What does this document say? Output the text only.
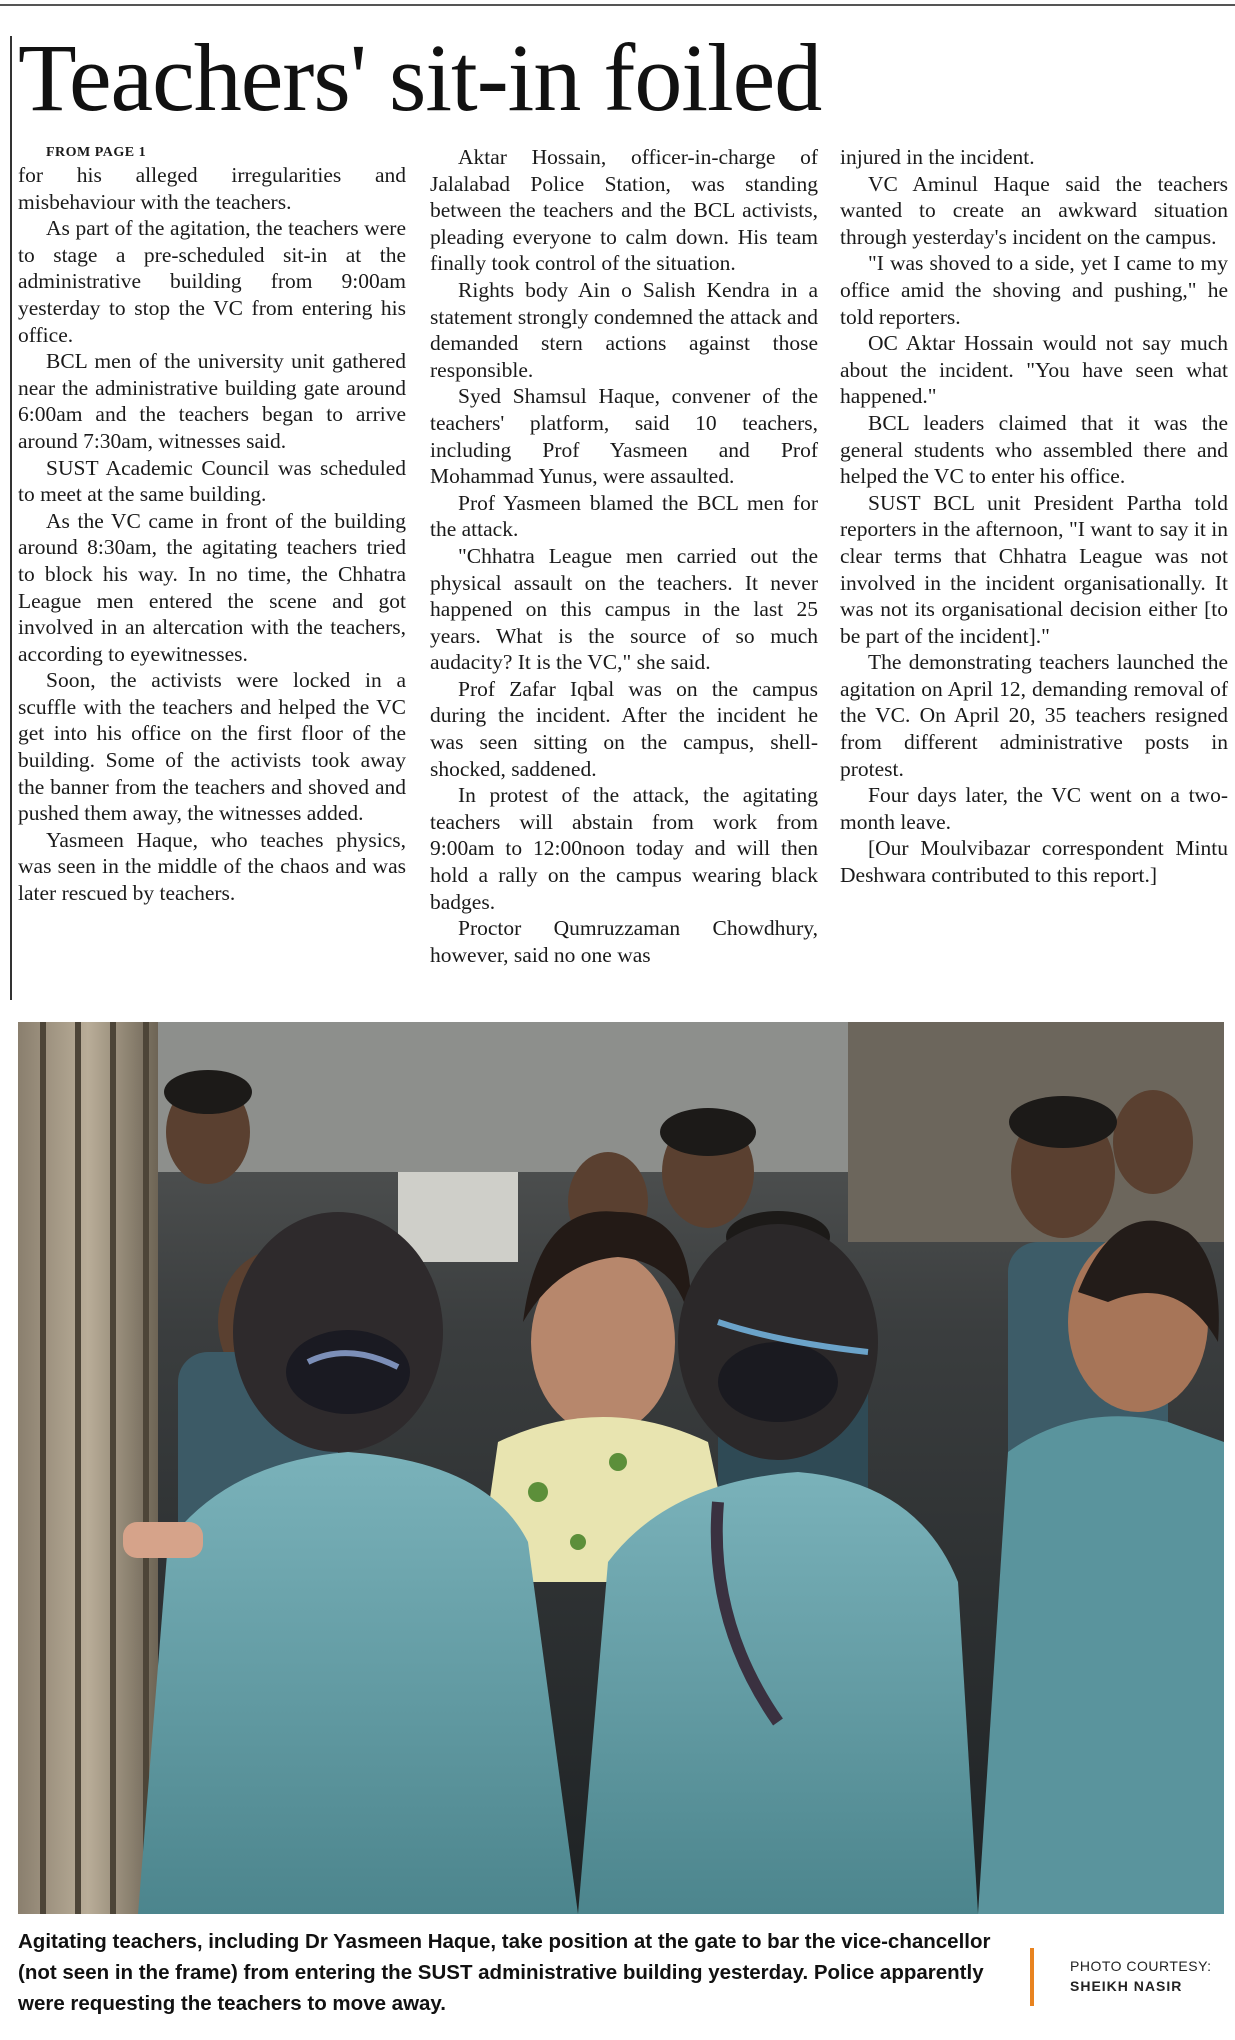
Teachers' sit-in foiled

FROM PAGE 1

for his alleged irregularities and misbehaviour with the teachers.

As part of the agitation, the teachers were to stage a pre-scheduled sit-in at the administrative building from 9:00am yesterday to stop the VC from entering his office.

BCL men of the university unit gathered near the administrative building gate around 6:00am and the teachers began to arrive around 7:30am, witnesses said.

SUST Academic Council was scheduled to meet at the same building.

As the VC came in front of the building around 8:30am, the agitating teachers tried to block his way. In no time, the Chhatra League men entered the scene and got involved in an altercation with the teachers, according to eyewitnesses.

Soon, the activists were locked in a scuffle with the teachers and helped the VC get into his office on the first floor of the building. Some of the activists took away the banner from the teachers and shoved and pushed them away, the witnesses added.

Yasmeen Haque, who teaches physics, was seen in the middle of the chaos and was later rescued by teachers.

Aktar Hossain, officer-in-charge of Jalalabad Police Station, was standing between the teachers and the BCL activists, pleading everyone to calm down. His team finally took control of the situation.

Rights body Ain o Salish Kendra in a statement strongly condemned the attack and demanded stern actions against those responsible.

Syed Shamsul Haque, convener of the teachers' platform, said 10 teachers, including Prof Yasmeen and Prof Mohammad Yunus, were assaulted.

Prof Yasmeen blamed the BCL men for the attack.

"Chhatra League men carried out the physical assault on the teachers. It never happened on this campus in the last 25 years. What is the source of so much audacity? It is the VC," she said.

Prof Zafar Iqbal was on the campus during the incident. After the incident he was seen sitting on the campus, shell-shocked, saddened.

In protest of the attack, the agitating teachers will abstain from work from 9:00am to 12:00noon today and will then hold a rally on the campus wearing black badges.

Proctor Qumruzzaman Chowdhury, however, said no one was

injured in the incident.

VC Aminul Haque said the teachers wanted to create an awkward situation through yesterday's incident on the campus.

"I was shoved to a side, yet I came to my office amid the shoving and pushing," he told reporters.

OC Aktar Hossain would not say much about the incident. "You have seen what happened."

BCL leaders claimed that it was the general students who assembled there and helped the VC to enter his office.

SUST BCL unit President Partha told reporters in the afternoon, "I want to say it in clear terms that Chhatra League was not involved in the incident organisationally. It was not its organisational decision either [to be part of the incident]."

The demonstrating teachers launched the agitation on April 12, demanding removal of the VC. On April 20, 35 teachers resigned from different administrative posts in protest.

Four days later, the VC went on a two-month leave.

[Our Moulvibazar correspondent Mintu Deshwara contributed to this report.]

Agitating teachers, including Dr Yasmeen Haque, take position at the gate to bar the vice-chancellor (not seen in the frame) from entering the SUST administrative building yesterday. Police apparently were requesting the teachers to move away.

PHOTO COURTESY:
SHEIKH NASIR
